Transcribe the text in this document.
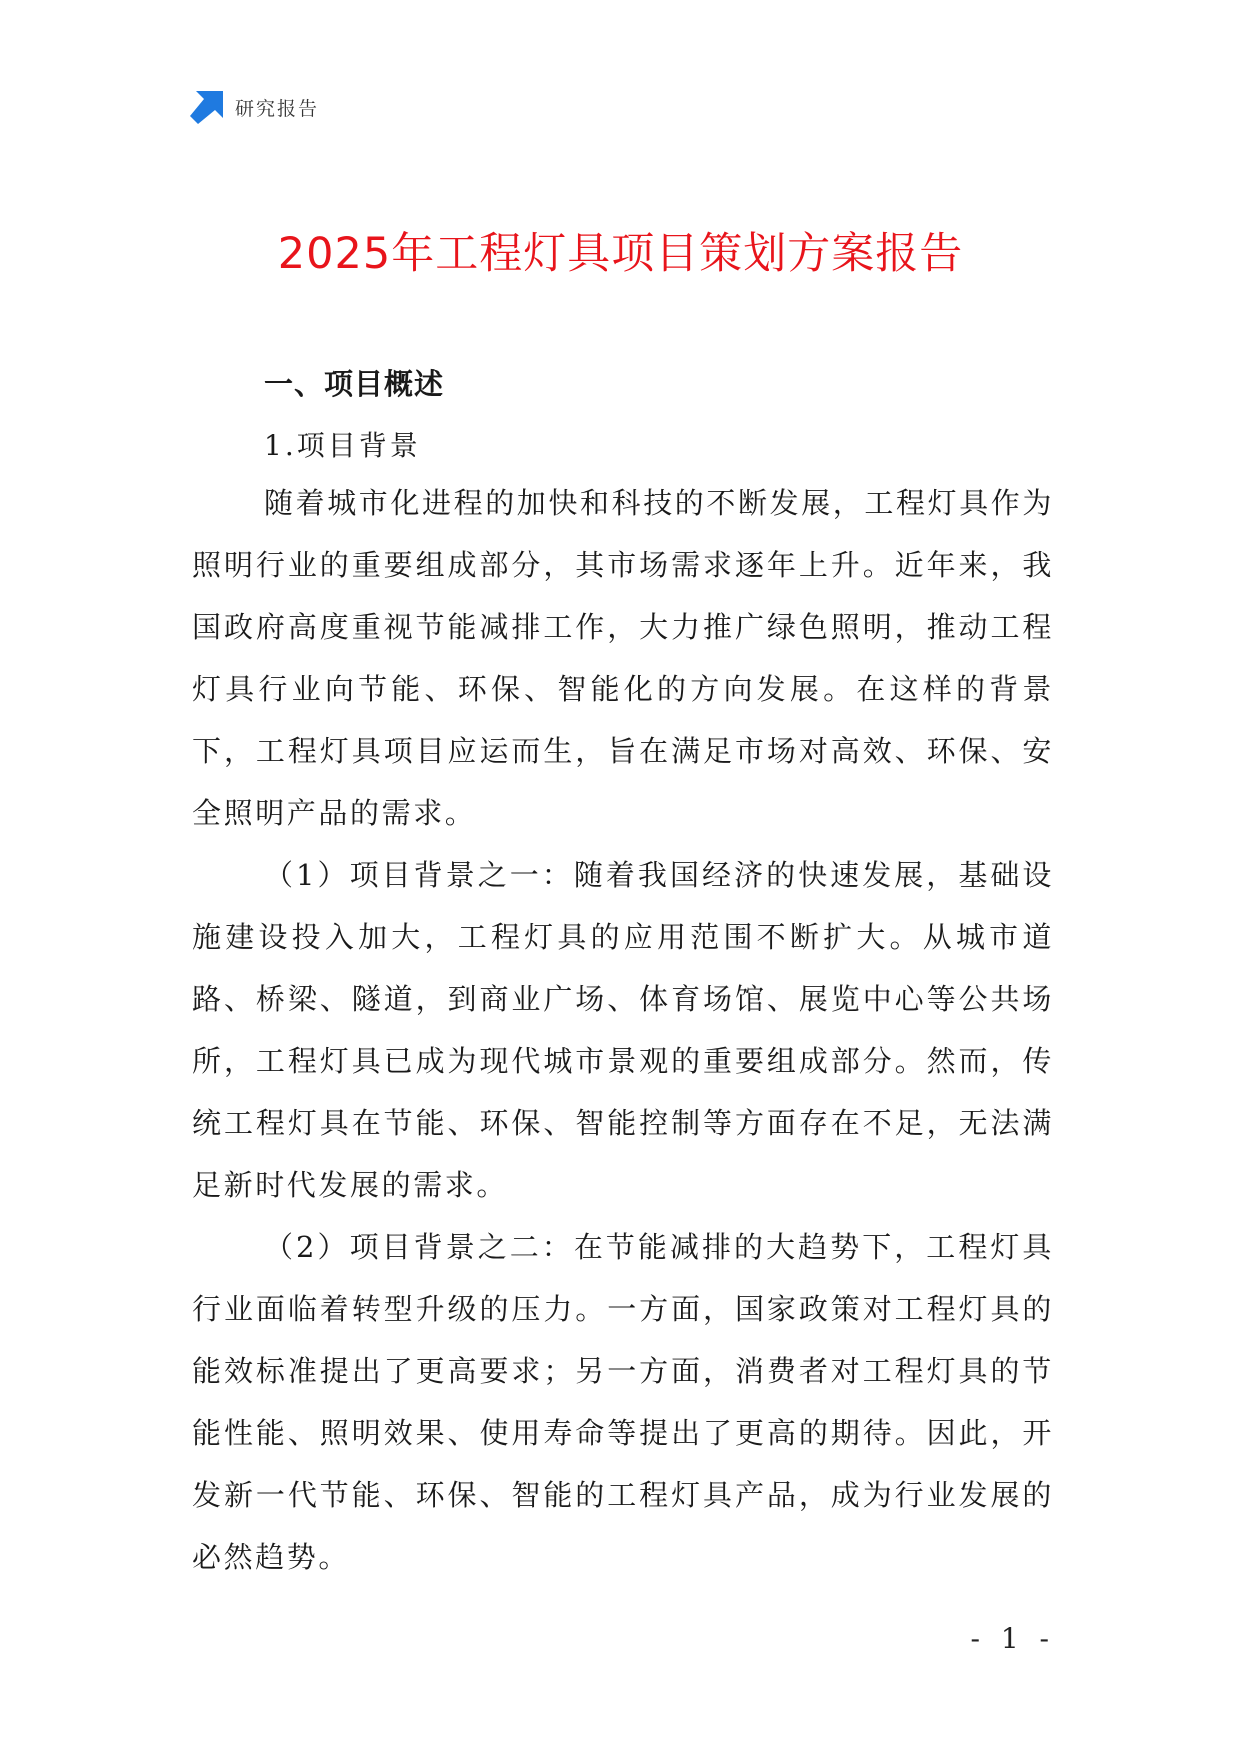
研究报告
2025年工程灯具项目策划方案报告
一、项目概述
1.项目背景

随着城市化进程的加快和科技的不断发展，工程灯具作为照明行业的重要组成部分，其市场需求逐年上升。近年来，我国政府高度重视节能减排工作，大力推广绿色照明，推动工程灯具行业向节能、环保、智能化的方向发展。在这样的背景下，工程灯具项目应运而生，旨在满足市场对高效、环保、安全照明产品的需求。

（1）项目背景之一：随着我国经济的快速发展，基础设施建设投入加大，工程灯具的应用范围不断扩大。从城市道路、桥梁、隧道，到商业广场、体育场馆、展览中心等公共场所，工程灯具已成为现代城市景观的重要组成部分。然而，传统工程灯具在节能、环保、智能控制等方面存在不足，无法满足新时代发展的需求。

（2）项目背景之二：在节能减排的大趋势下，工程灯具行业面临着转型升级的压力。一方面，国家政策对工程灯具的能效标准提出了更高要求；另一方面，消费者对工程灯具的节能性能、照明效果、使用寿命等提出了更高的期待。因此，开发新一代节能、环保、智能的工程灯具产品，成为行业发展的必然趋势。

- 1 -
